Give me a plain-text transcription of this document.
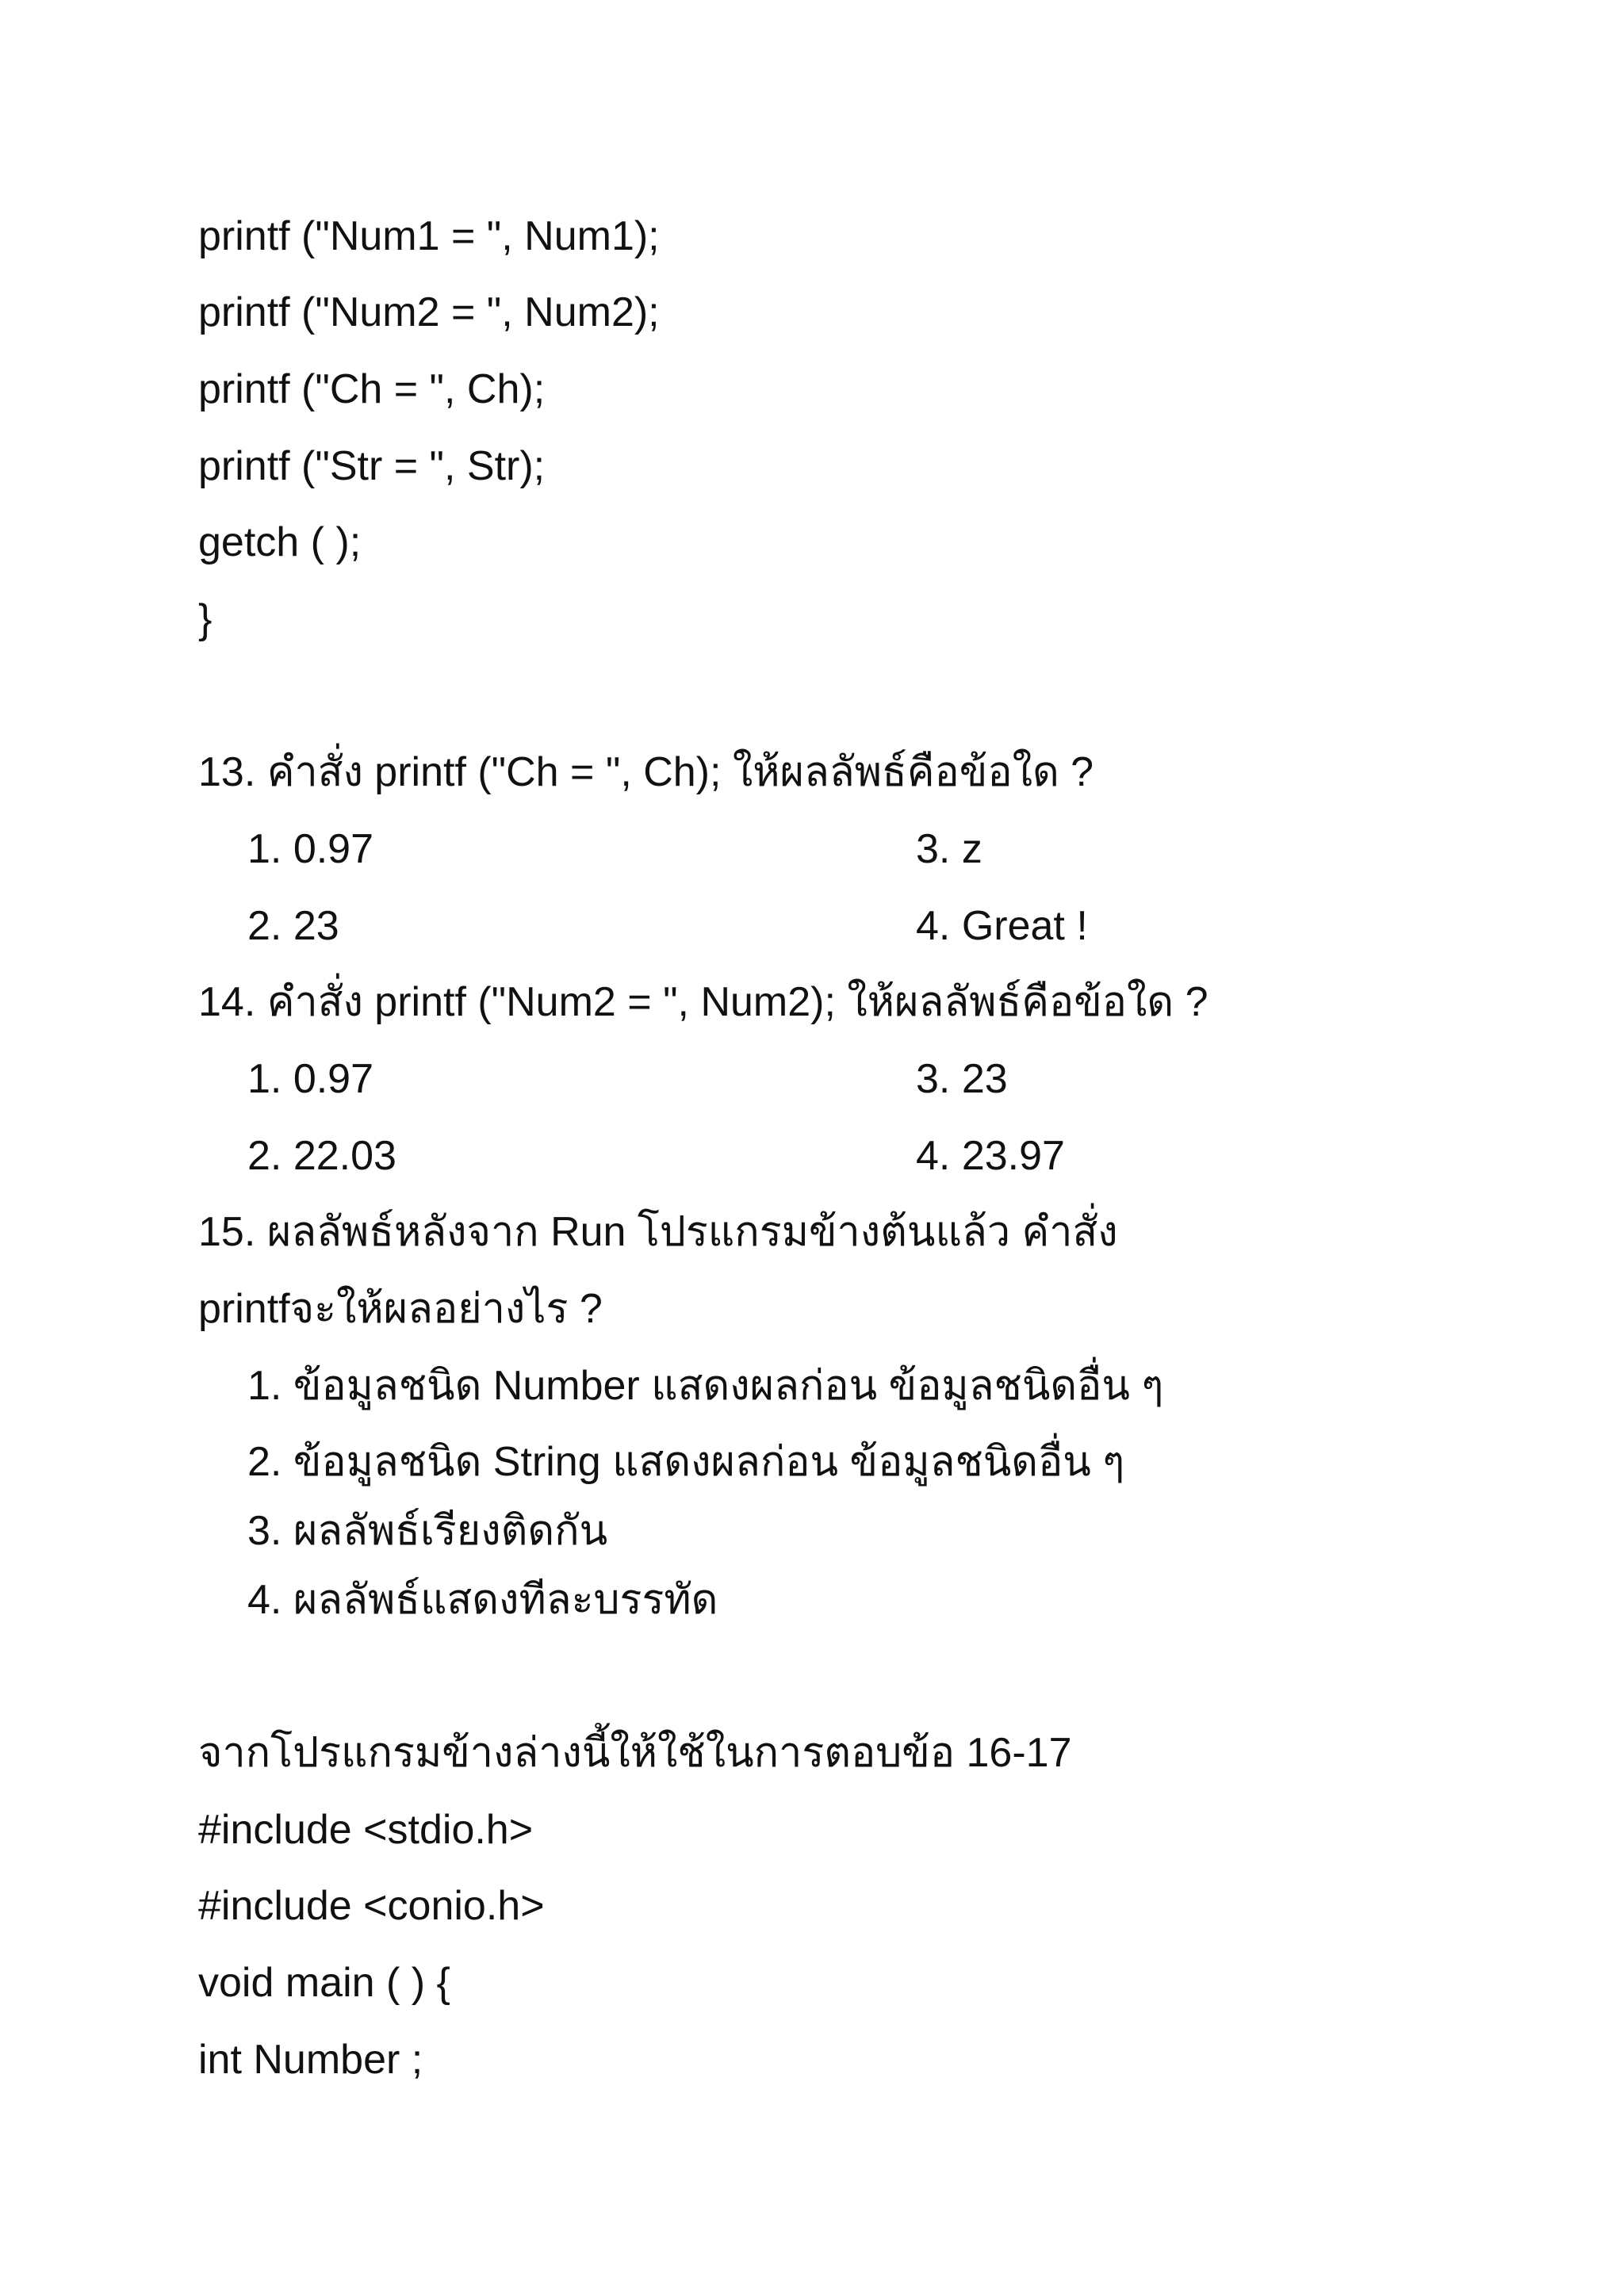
printf ("Num1 = ", Num1);
printf ("Num2 = ", Num2);
printf ("Ch = ", Ch);
printf ("Str = ", Str);
getch ( );
}
13. คำสั่ง printf ("Ch = ", Ch); ให้ผลลัพธ์คือข้อใด ?
1. 0.97	3. z
2. 23	4. Great !
14. คำสั่ง printf ("Num2 = ", Num2); ให้ผลลัพธ์คือข้อใด ?
1. 0.97	3. 23
2. 22.03	4. 23.97
15. ผลลัพธ์หลังจาก Run โปรแกรมข้างต้นแล้ว คำสั่ง
printfจะให้ผลอย่างไร ?
1. ข้อมูลชนิด Number แสดงผลก่อน ข้อมูลชนิดอื่น ๆ
2. ข้อมูลชนิด String แสดงผลก่อน ข้อมูลชนิดอื่น ๆ
3. ผลลัพธ์เรียงติดกัน
4. ผลลัพธ์แสดงทีละบรรทัด
จากโปรแกรมข้างล่างนี้ให้ใช้ในการตอบข้อ 16-17
#include <stdio.h>
#include <conio.h>
void main ( ) {
int Number ;
